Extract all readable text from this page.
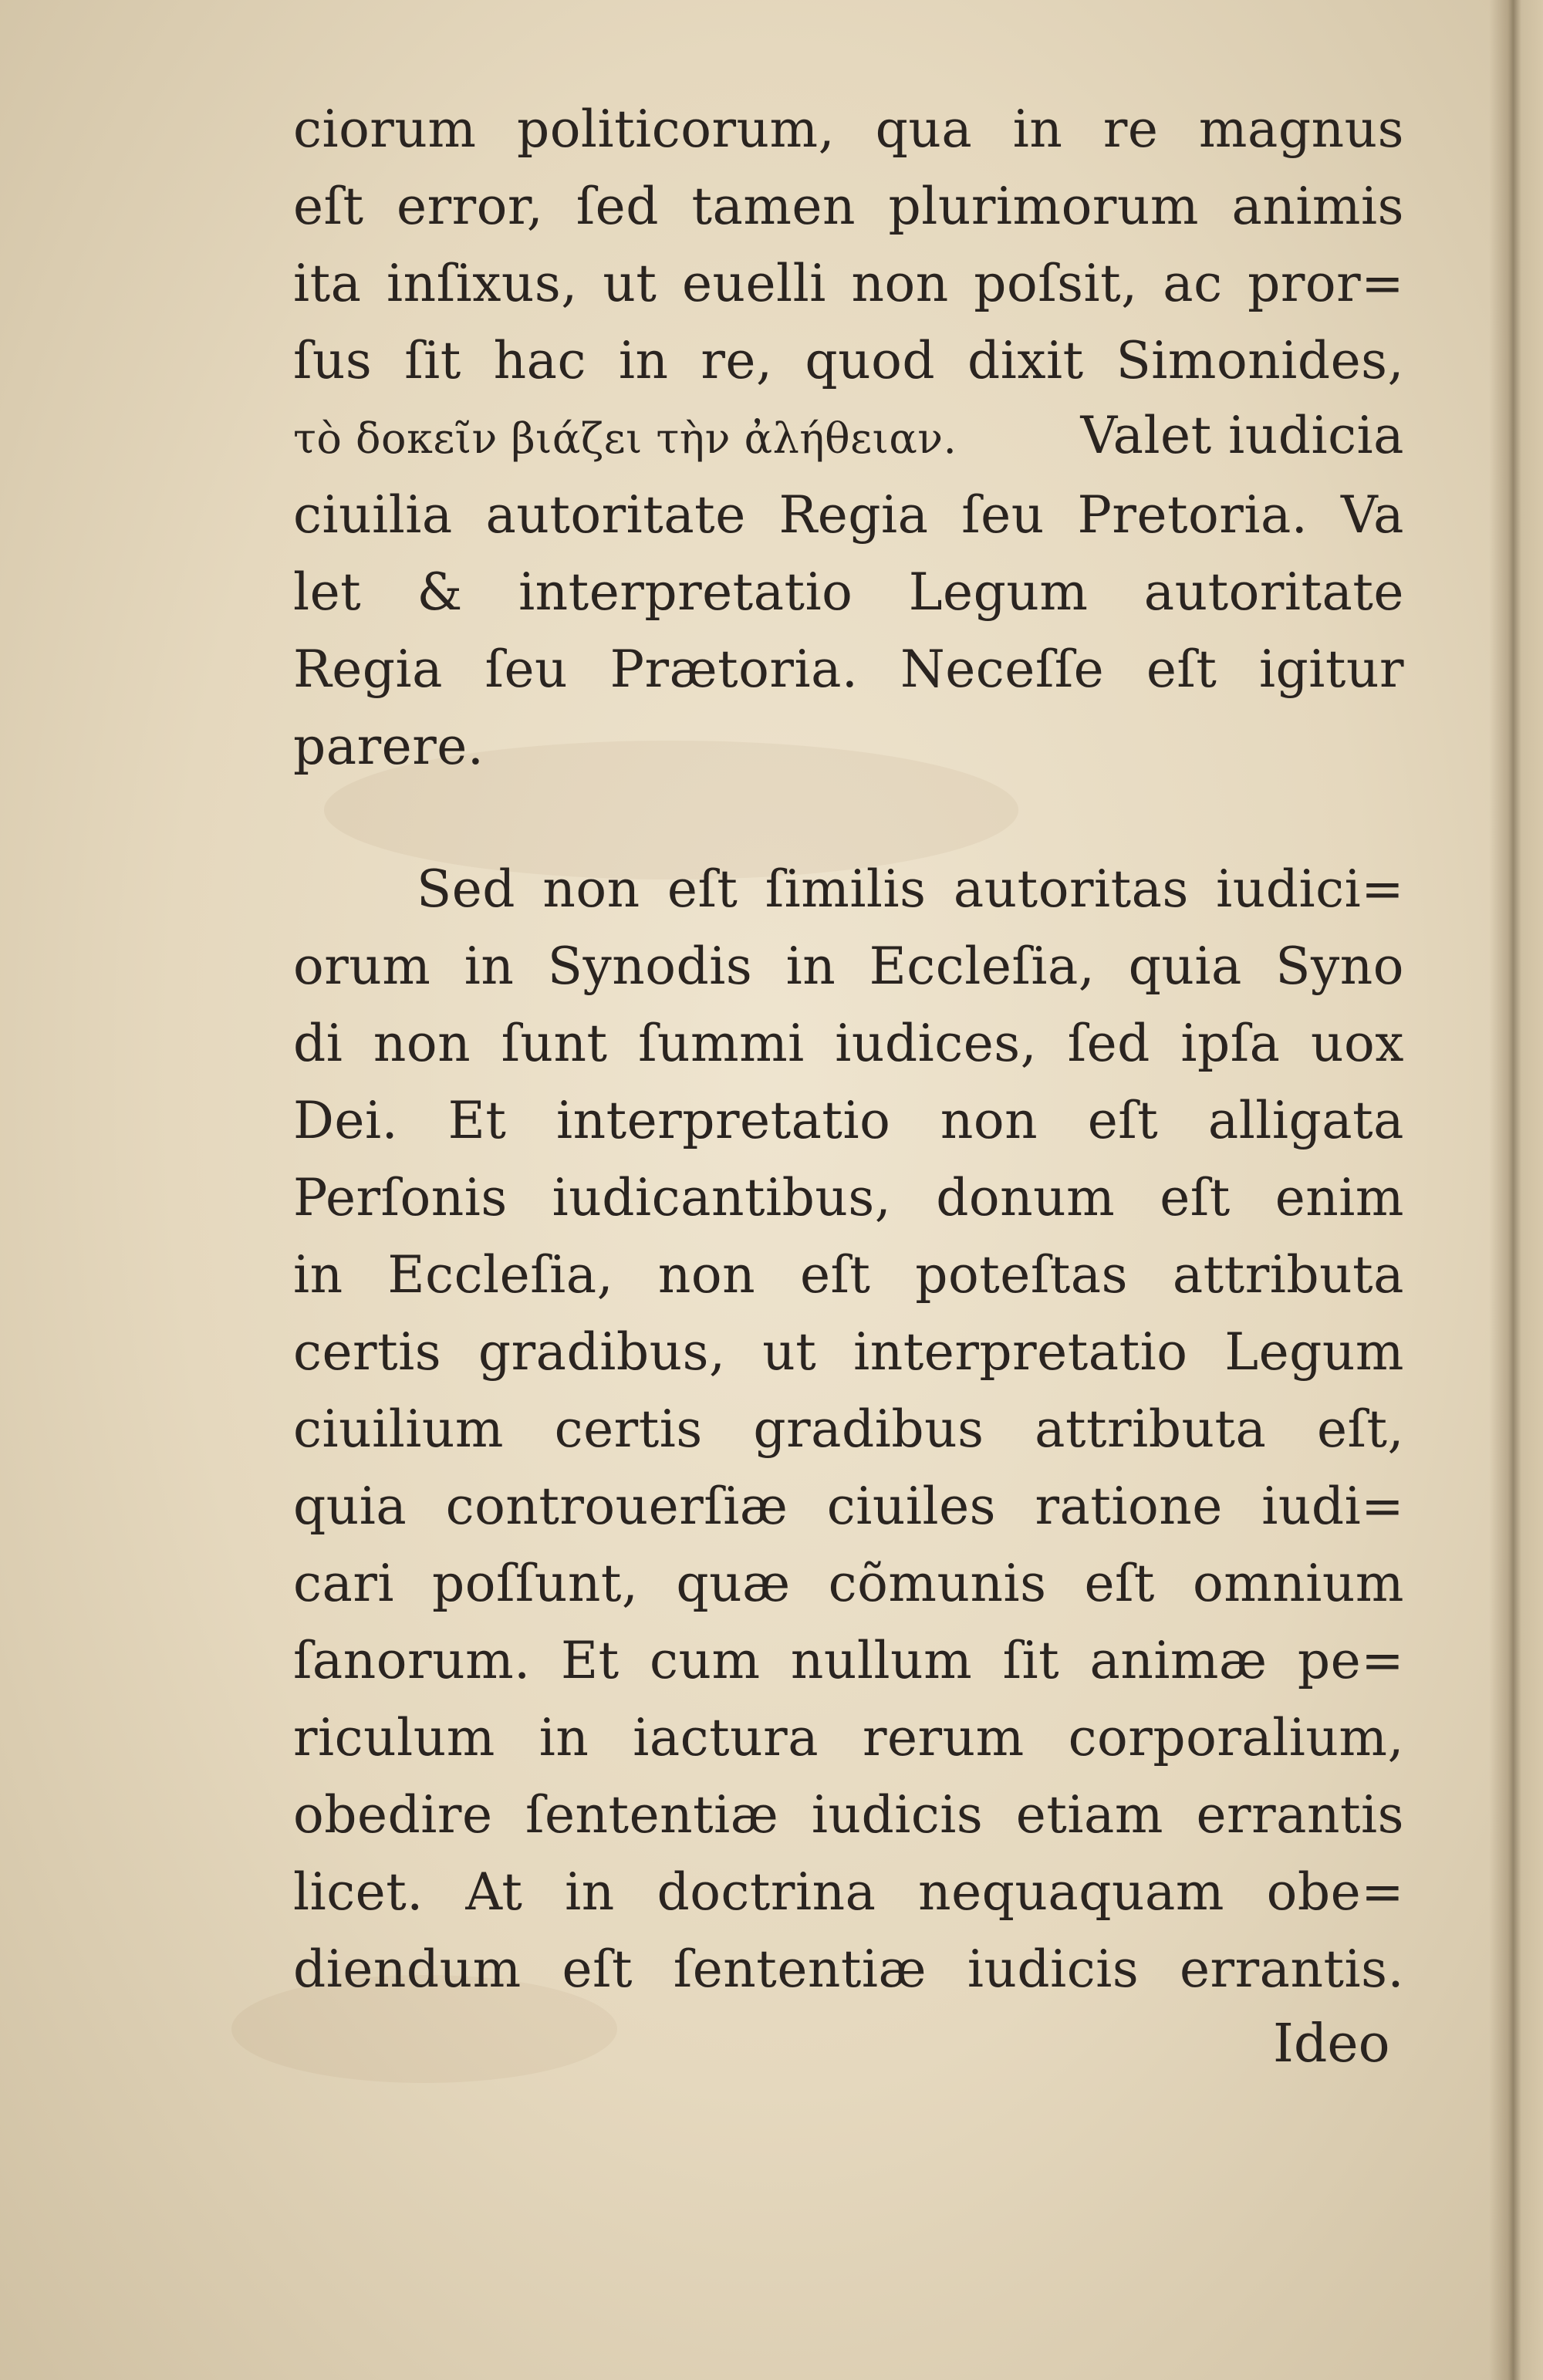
ciorum politicorum, qua in re magnus
eſt error, ſed tamen plurimorum animis
ita inſixus, ut euelli non poſsit, ac pror=
ſus ſit hac in re, quod dixit Simonides,
τὸ δοκεῖν βιάζει τὴν ἀλήθειαν. Valet iudicia
ciuilia autoritate Regia ſeu Pretoria. Va
let & interpretatio Legum autoritate
Regia ſeu Prætoria. Neceſſe eſt igitur
parere.
Sed non eſt ſimilis autoritas iudici=
orum in Synodis in Eccleſia, quia Syno
di non ſunt ſummi iudices, ſed ipſa uox
Dei. Et interpretatio non eſt alligata
Perſonis iudicantibus, donum eſt enim
in Eccleſia, non eſt poteſtas attributa
certis gradibus, ut interpretatio Legum
ciuilium certis gradibus attributa eſt,
quia controuerſiæ ciuiles ratione iudi=
cari poſſunt, quæ cõmunis eſt omnium
ſanorum. Et cum nullum ſit animæ pe=
riculum in iactura rerum corporalium,
obedire ſententiæ iudicis etiam errantis
licet. At in doctrina nequaquam obe=
diendum eſt ſententiæ iudicis errantis.
Ideo
